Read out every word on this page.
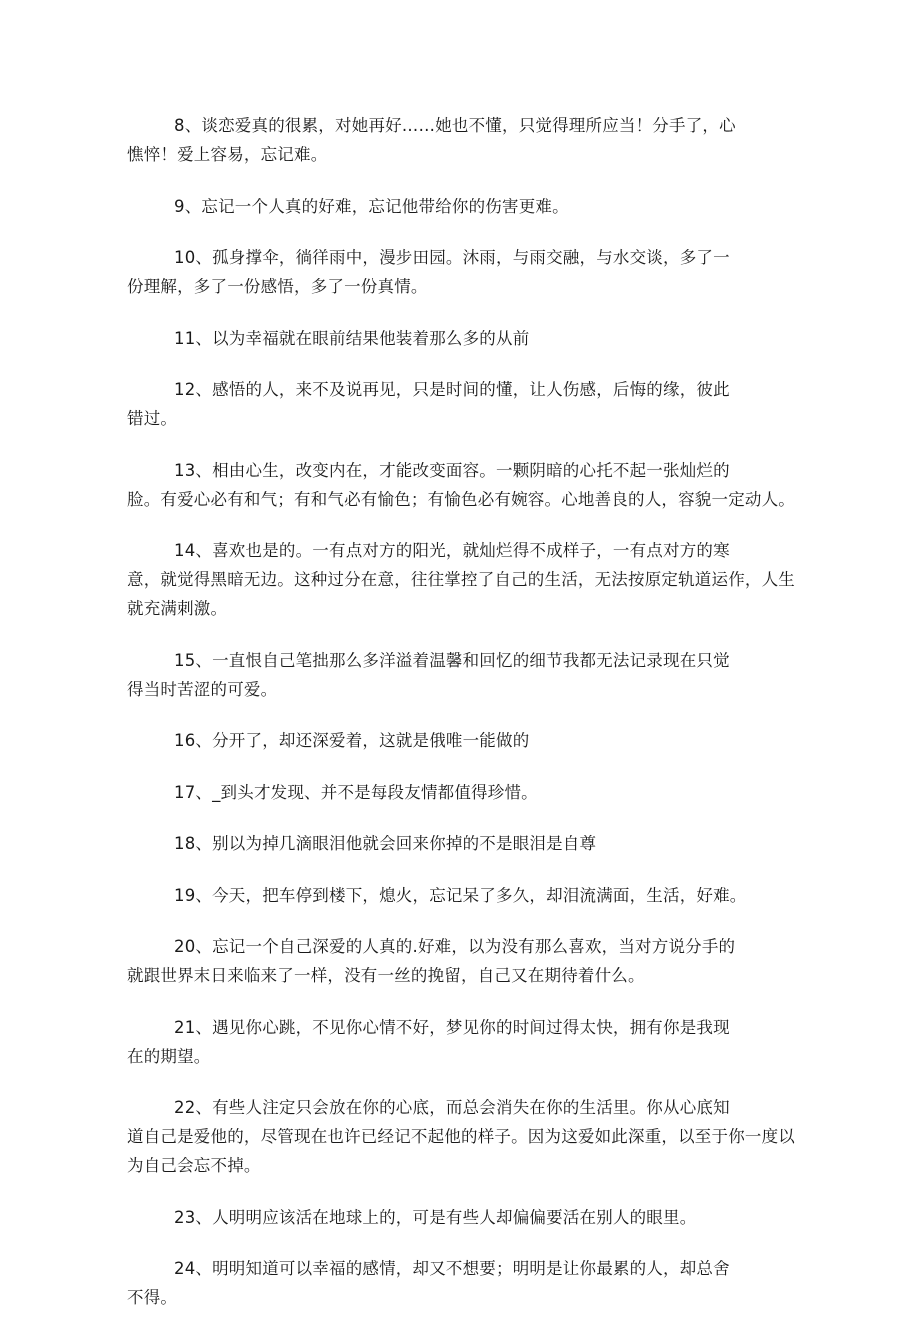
8、谈恋爱真的很累，对她再好……她也不懂，只觉得理所应当！分手了，心
憔悴！爱上容易，忘记难。

9、忘记一个人真的好难，忘记他带给你的伤害更难。

10、孤身撑伞，徜徉雨中，漫步田园。沐雨，与雨交融，与水交谈，多了一
份理解，多了一份感悟，多了一份真情。

11、以为幸福就在眼前结果他装着那么多的从前

12、感悟的人，来不及说再见，只是时间的懂，让人伤感，后悔的缘，彼此
错过。

13、相由心生，改变内在，才能改变面容。一颗阴暗的心托不起一张灿烂的
脸。有爱心必有和气；有和气必有愉色；有愉色必有婉容。心地善良的人，容貌一定动人。

14、喜欢也是的。一有点对方的阳光，就灿烂得不成样子，一有点对方的寒
意，就觉得黑暗无边。这种过分在意，往往掌控了自己的生活，无法按原定轨道运作，人生就充满刺激。

15、一直恨自己笔拙那么多洋溢着温馨和回忆的细节我都无法记录现在只觉
得当时苦涩的可爱。

16、分开了，却还深爱着，这就是俄唯一能做的

17、_到头才发现、并不是每段友情都值得珍惜。

18、别以为掉几滴眼泪他就会回来你掉的不是眼泪是自尊

19、今天，把车停到楼下，熄火，忘记呆了多久，却泪流满面，生活，好难。

20、忘记一个自己深爱的人真的.好难，以为没有那么喜欢，当对方说分手的
就跟世界末日来临来了一样，没有一丝的挽留，自己又在期待着什么。

21、遇见你心跳，不见你心情不好，梦见你的时间过得太快，拥有你是我现
在的期望。

22、有些人注定只会放在你的心底，而总会消失在你的生活里。你从心底知
道自己是爱他的，尽管现在也许已经记不起他的样子。因为这爱如此深重，以至于你一度以为自己会忘不掉。

23、人明明应该活在地球上的，可是有些人却偏偏要活在别人的眼里。

24、明明知道可以幸福的感情，却又不想要；明明是让你最累的人，却总舍
不得。
